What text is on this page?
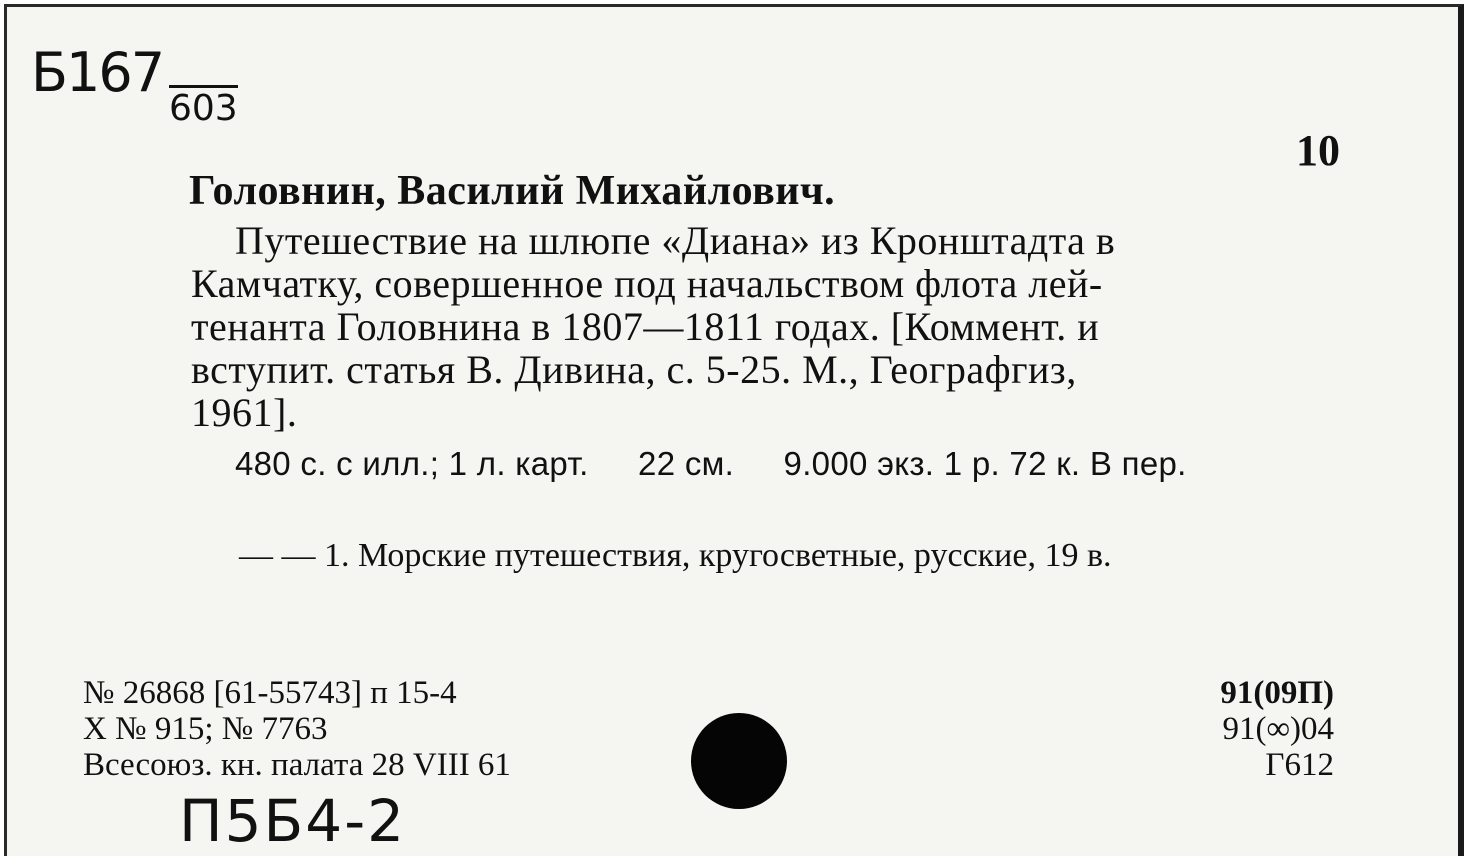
Б167
603
10
Головнин, Василий Михайлович.

Путешествие на шлюпе «Диана» из Кронштадта в

Камчатку, совершенное под начальством флота лей-

тенанта Головнина в 1807—1811 годах. [Коммент. и

вступит. статья В. Дивина, с. 5-25. М., Географгиз,

1961].

480 с. с илл.; 1 л. карт. 22 см. 9.000 экз. 1 р. 72 к. В пер.
— — 1. Морские путешествия, кругосветные, русские, 19 в.
№ 26868 [61-55743] п 15-4
Х № 915; № 7763
Всесоюз. кн. палата 28 VIII 61
91(09П)
91(∞)04
Г612
П5Б4-2
